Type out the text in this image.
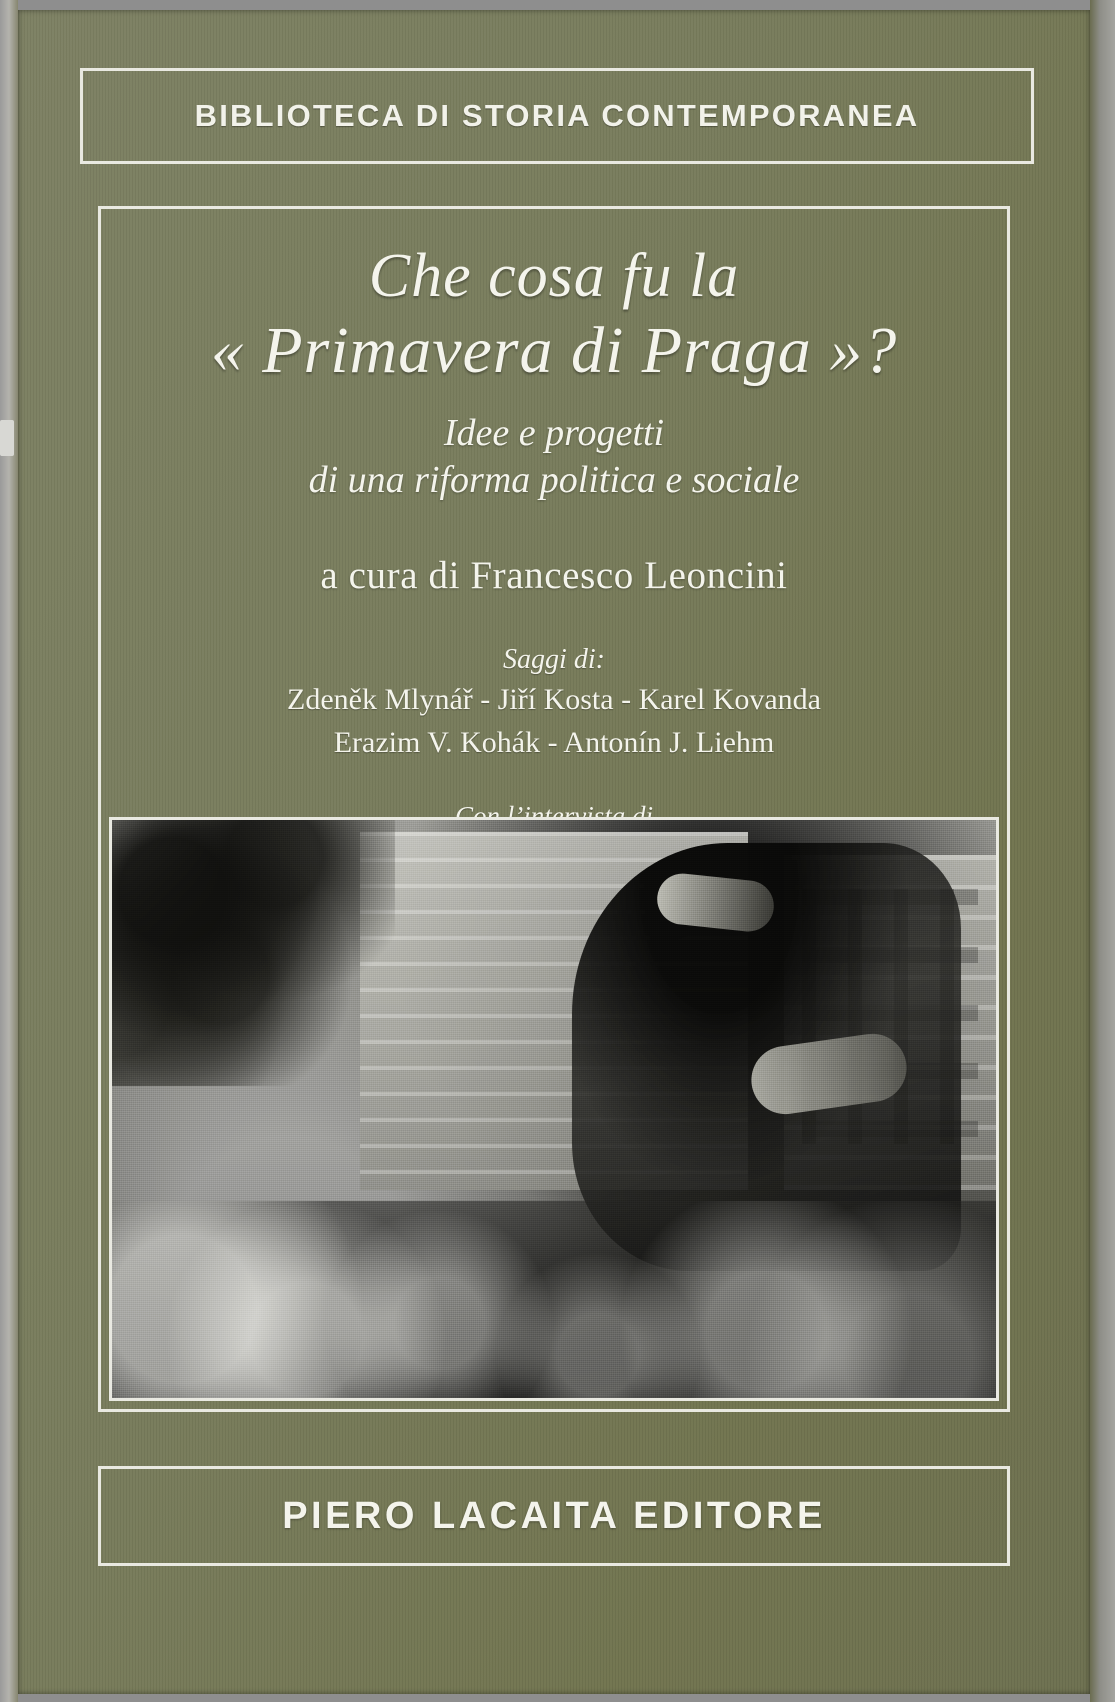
BIBLIOTECA DI STORIA CONTEMPORANEA
Che cosa fu la
« Primavera di Praga »?
Idee e progetti
di una riforma politica e sociale
a cura di Francesco Leoncini
Saggi di:
Zdeněk Mlynář - Jiří Kosta - Karel Kovanda
Erazim V. Kohák - Antonín J. Liehm
PIERO LACAITA EDITORE
